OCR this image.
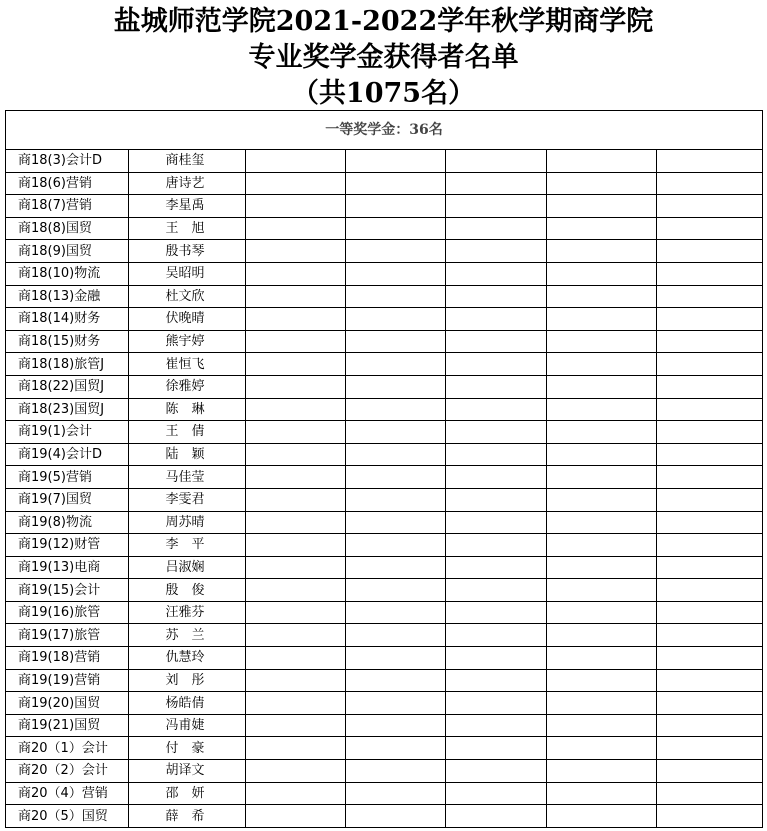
盐城师范学院2021-2022学年秋学期商学院
专业奖学金获得者名单
（共1075名）
一等奖学金：36名						
商18(3)会计D	商桂玺					
商18(6)营销	唐诗艺					
商18(7)营销	李星禹					
商18(8)国贸	王　旭					
商18(9)国贸	殷书琴					
商18(10)物流	吴昭明					
商18(13)金融	杜文欣					
商18(14)财务	伏晚晴					
商18(15)财务	熊宇婷					
商18(18)旅管J	崔恒飞					
商18(22)国贸J	徐雅婷					
商18(23)国贸J	陈　琳					
商19(1)会计	王　倩					
商19(4)会计D	陆　颖					
商19(5)营销	马佳莹					
商19(7)国贸	李雯君					
商19(8)物流	周苏晴					
商19(12)财管	李　平					
商19(13)电商	吕淑娴					
商19(15)会计	殷　俊					
商19(16)旅管	汪雅芬					
商19(17)旅管	苏　兰					
商19(18)营销	仇慧玲					
商19(19)营销	刘　彤					
商19(20)国贸	杨皓倩					
商19(21)国贸	冯甫婕					
商20（1）会计	付　豪					
商20（2）会计	胡译文					
商20（4）营销	邵　妍					
商20（5）国贸	薛　希					
